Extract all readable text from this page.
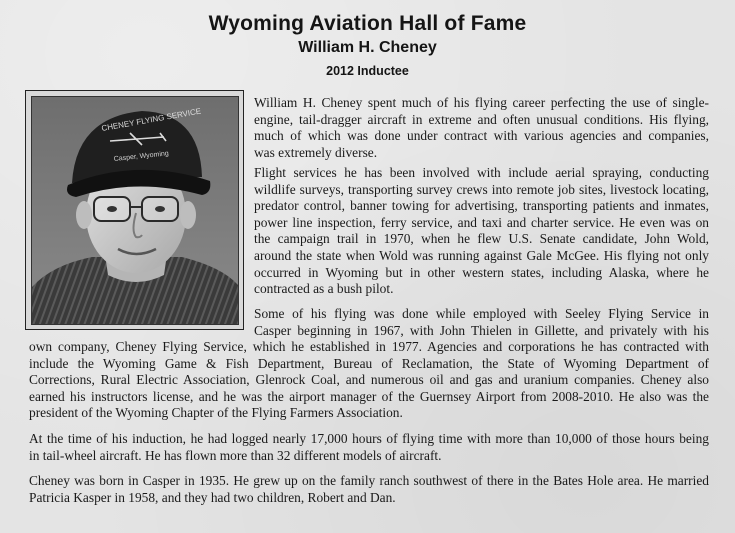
Wyoming Aviation Hall of Fame
William H. Cheney
2012 Inductee
CHENEY FLYING SERVICE
Casper, Wyoming
William H. Cheney spent much of his flying career perfecting the use of single-
engine, tail-dragger aircraft in extreme and often unusual conditions. His flying,
much of which was done under contract with various agencies and companies,
was extremely diverse.
Flight services he has been involved with include aerial spraying, conducting
wildlife surveys, transporting survey crews into remote job sites, livestock locating,
predator control, banner towing for advertising, transporting patients and inmates,
power line inspection, ferry service, and taxi and charter service. He even was on
the campaign trail in 1970, when he flew U.S. Senate candidate, John Wold,
around the state when Wold was running against Gale McGee. His flying not only
occurred in Wyoming but in other western states, including Alaska, where he
contracted as a bush pilot.
Some of his flying was done while employed with Seeley Flying Service in
Casper beginning in 1967, with John Thielen in Gillette, and privately with his
own company, Cheney Flying Service, which he established in 1977. Agencies and corporations he has contracted with
include the Wyoming Game & Fish Department, Bureau of Reclamation, the State of Wyoming Department of
Corrections, Rural Electric Association, Glenrock Coal, and numerous oil and gas and uranium companies. Cheney also
earned his instructors license, and he was the airport manager of the Guernsey Airport from 2008-2010. He also was the
president of the Wyoming Chapter of the Flying Farmers Association.
At the time of his induction, he had logged nearly 17,000 hours of flying time with more than 10,000 of those hours being
in tail-wheel aircraft. He has flown more than 32 different models of aircraft.
Cheney was born in Casper in 1935. He grew up on the family ranch southwest of there in the Bates Hole area. He married
Patricia Kasper in 1958, and they had two children, Robert and Dan.
